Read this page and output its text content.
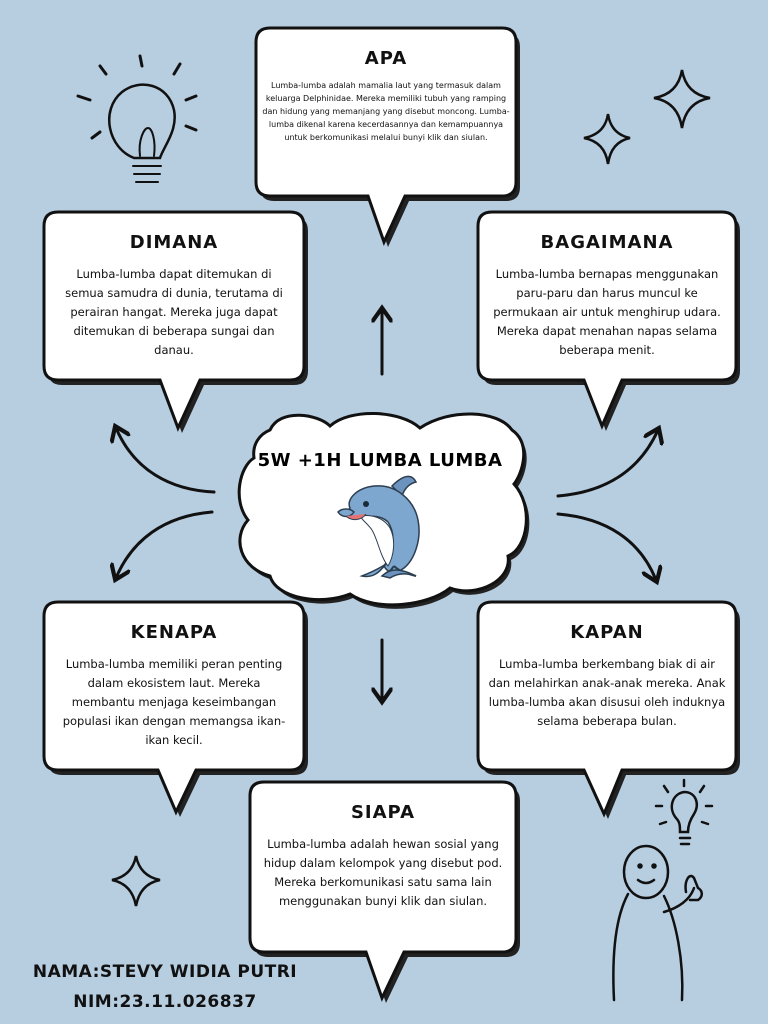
APA

Lumba-lumba adalah mamalia laut yang termasuk dalam keluarga Delphinidae. Mereka memiliki tubuh yang ramping dan hidung yang memanjang yang disebut moncong. Lumba-lumba dikenal karena kecerdasannya dan kemampuannya untuk berkomunikasi melalui bunyi klik dan siulan.

DIMANA

Lumba-lumba dapat ditemukan di semua samudra di dunia, terutama di perairan hangat. Mereka juga dapat ditemukan di beberapa sungai dan danau.

BAGAIMANA

Lumba-lumba bernapas menggunakan paru-paru dan harus muncul ke permukaan air untuk menghirup udara. Mereka dapat menahan napas selama beberapa menit.

KENAPA

Lumba-lumba memiliki peran penting dalam ekosistem laut. Mereka membantu menjaga keseimbangan populasi ikan dengan memangsa ikan-ikan kecil.

KAPAN

Lumba-lumba berkembang biak di air dan melahirkan anak-anak mereka. Anak lumba-lumba akan disusui oleh induknya selama beberapa bulan.

SIAPA

Lumba-lumba adalah hewan sosial yang hidup dalam kelompok yang disebut pod. Mereka berkomunikasi satu sama lain menggunakan bunyi klik dan siulan.

5W +1H LUMBA LUMBA
NAMA:STEVY WIDIA PUTRI
NIM:23.11.026837
